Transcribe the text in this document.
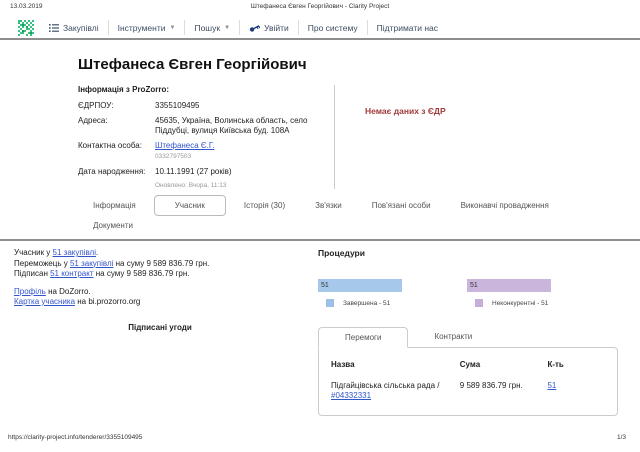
13.03.2019	Штефанеса Євген Георгійович - Clarity Project
Закупівлі Інструменти ▼ Пошук ▼	Увійти Про систему Підтримати нас
Штефанеса Євген Георгійович
Інформація з ProZorro:
ЄДРПОУ:	3355109495
Адреса:	45635, Україна, Волинська область, село Піддубці, вулиця Київська буд. 108А
Контактна особа:	Штефанеса Є.Г.
0332797503
Дата народження:	10.11.1991 (27 років)
Оновлено: Вчора, 11:13
Немає даних з ЄДР
Інформація	Учасник	Історія (30)	Зв'язки	Пов'язані особи	Виконавчі провадження
Документи

Учасник у 51 закупівлі.

Переможець у 51 закупівлі на суму 9 589 836.79 грн.

Підписан 51 контракт на суму 9 589 836.79 грн.

Профіль на DoZorro.

Картка учасника на bi.prozorro.org

Підписані угоди
Процедури
51
Завершена - 51
51
Неконкурентні - 51
Перемоги	Контракти
Назва	Сума	К-ть
Підгайцівська сільська рада /
#04332331	9 589 836.79 грн.	51
https://clarity-project.info/tenderer/3355109495	1/3
